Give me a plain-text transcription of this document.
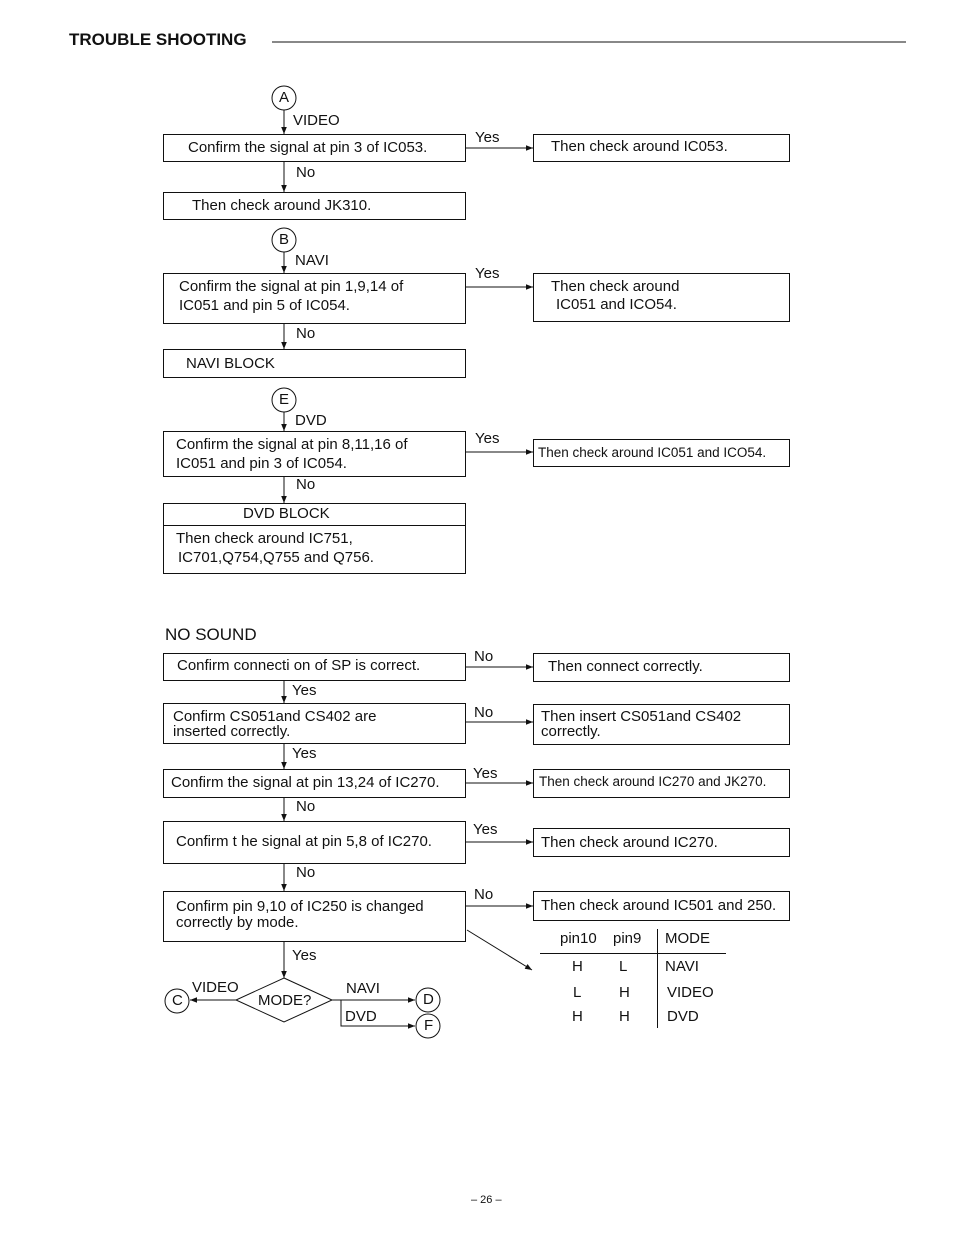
TROUBLE SHOOTING
A
VIDEO
Confirm the signal at pin 3 of IC053.
Yes
Then check around IC053.
No
Then check around JK310.
B
NAVI
Confirm the signal at pin 1,9,14 of
IC051 and pin 5 of IC054.
Yes
Then check around
IC051 and ICO54.
No
NAVI BLOCK
E
DVD
Confirm the signal at pin 8,11,16 of
IC051 and pin 3 of IC054.
Yes
Then check around IC051 and ICO54.
No
DVD BLOCK
Then check around IC751,
IC701,Q754,Q755 and Q756.
NO SOUND
Confirm connecti on of SP is correct.
No
Then connect correctly.
Yes
Confirm CS051and CS402 are
inserted correctly.
No	Then insert CS051and CS402
correctly.
Yes
Confirm the signal at pin 13,24 of IC270.
Yes	Then check around IC270 and JK270.
No
Confirm t he signal at pin 5,8 of IC270.
Yes
Then check around IC270.
No
Confirm pin 9,10 of IC250 is changed
correctly by mode.
No
Then check around IC501 and 250.
Yes
MODE?
VIDEO	NAVI
DVD
C	D
F
pin10 pin9 MODE
H L	NAVI
L	H VIDEO
H H DVD
– 26 –
